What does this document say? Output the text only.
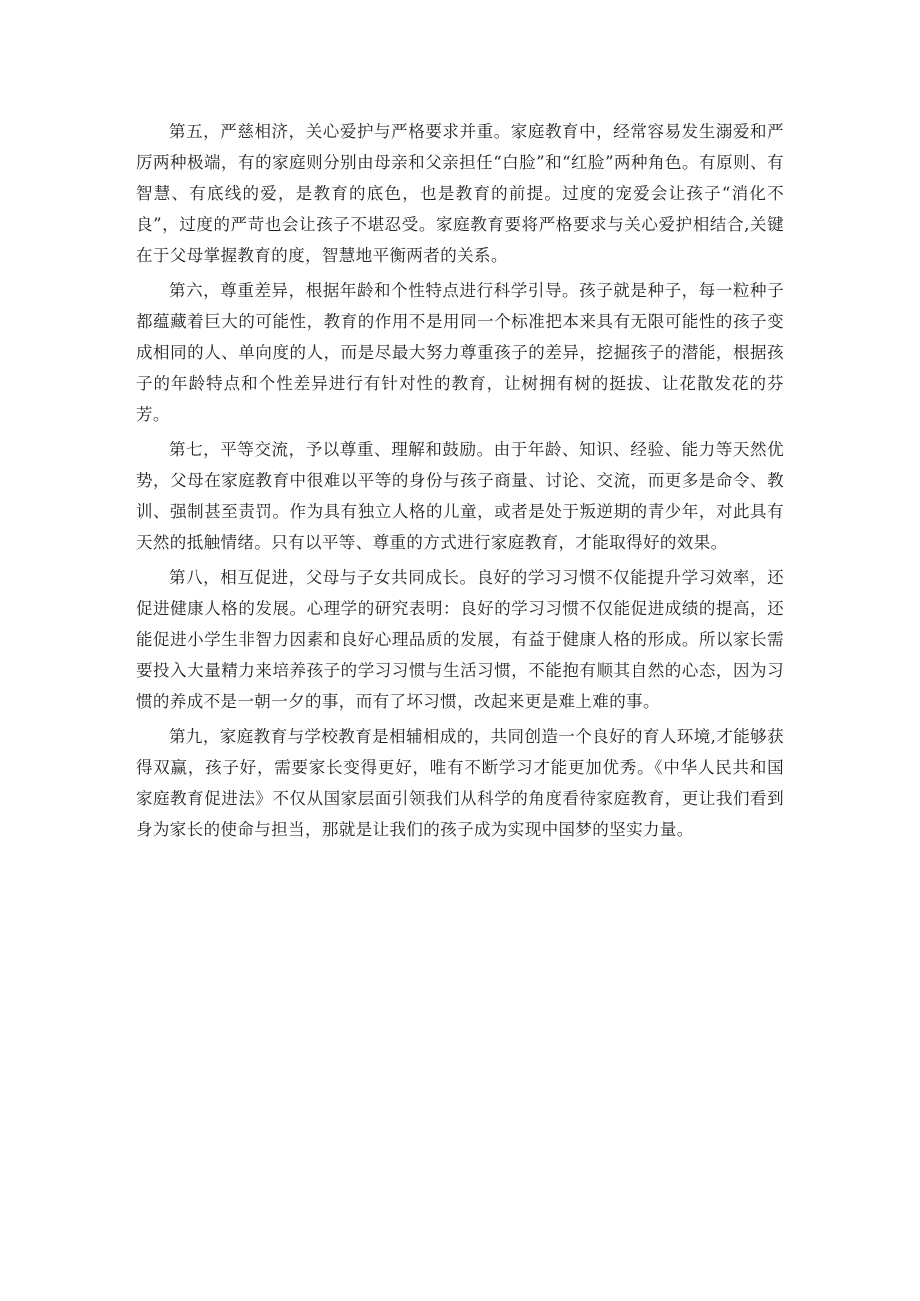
第五，严慈相济，关心爱护与严格要求并重。家庭教育中，经常容易发生溺爱和严厉两种极端，有的家庭则分别由母亲和父亲担任“白脸”和“红脸”两种角色。有原则、有智慧、有底线的爱，是教育的底色，也是教育的前提。过度的宠爱会让孩子“消化不良”，过度的严苛也会让孩子不堪忍受。家庭教育要将严格要求与关心爱护相结合,关键在于父母掌握教育的度，智慧地平衡两者的关系。

第六，尊重差异，根据年龄和个性特点进行科学引导。孩子就是种子，每一粒种子都蕴藏着巨大的可能性，教育的作用不是用同一个标准把本来具有无限可能性的孩子变成相同的人、单向度的人，而是尽最大努力尊重孩子的差异，挖掘孩子的潜能，根据孩子的年龄特点和个性差异进行有针对性的教育，让树拥有树的挺拔、让花散发花的芬芳。

第七，平等交流，予以尊重、理解和鼓励。由于年龄、知识、经验、能力等天然优势，父母在家庭教育中很难以平等的身份与孩子商量、讨论、交流，而更多是命令、教训、强制甚至责罚。作为具有独立人格的儿童，或者是处于叛逆期的青少年，对此具有天然的抵触情绪。只有以平等、尊重的方式进行家庭教育，才能取得好的效果。

第八，相互促进，父母与子女共同成长。良好的学习习惯不仅能提升学习效率，还促进健康人格的发展。心理学的研究表明：良好的学习习惯不仅能促进成绩的提高，还能促进小学生非智力因素和良好心理品质的发展，有益于健康人格的形成。所以家长需要投入大量精力来培养孩子的学习习惯与生活习惯，不能抱有顺其自然的心态，因为习惯的养成不是一朝一夕的事，而有了坏习惯，改起来更是难上难的事。

第九，家庭教育与学校教育是相辅相成的，共同创造一个良好的育人环境,才能够获得双赢，孩子好，需要家长变得更好，唯有不断学习才能更加优秀。《中华人民共和国家庭教育促进法》不仅从国家层面引领我们从科学的角度看待家庭教育，更让我们看到身为家长的使命与担当，那就是让我们的孩子成为实现中国梦的坚实力量。
